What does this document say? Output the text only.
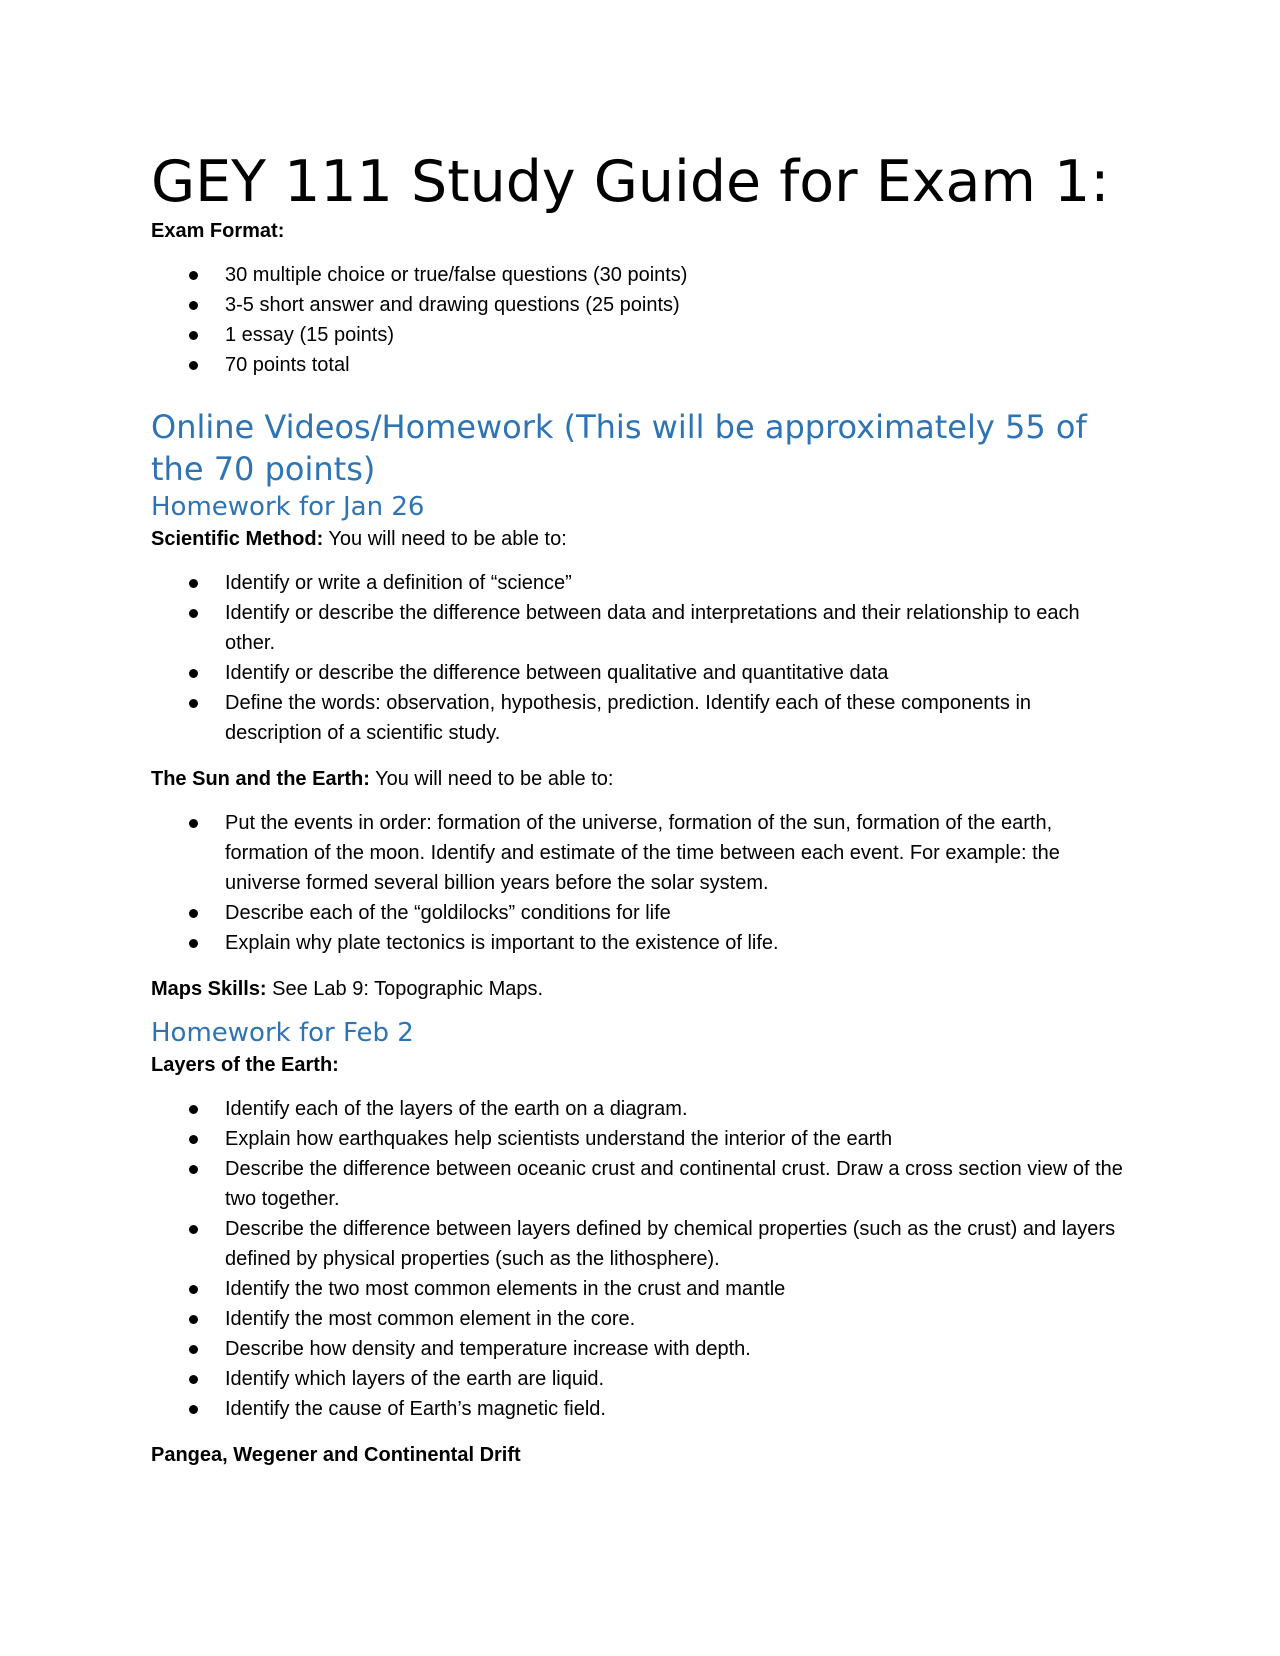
GEY 111 Study Guide for Exam 1:

Exam Format:

30 multiple choice or true/false questions (30 points)
3-5 short answer and drawing questions (25 points)
1 essay (15 points)
70 points total
Online Videos/Homework (This will be approximately 55 of the 70 points)
Homework for Jan 26

Scientific Method: You will need to be able to:

Identify or write a definition of “science”
Identify or describe the difference between data and interpretations and their relationship to each other.
Identify or describe the difference between qualitative and quantitative data
Define the words: observation, hypothesis, prediction. Identify each of these components in description of a scientific study.

The Sun and the Earth: You will need to be able to:

Put the events in order: formation of the universe, formation of the sun, formation of the earth, formation of the moon. Identify and estimate of the time between each event. For example: the universe formed several billion years before the solar system.
Describe each of the “goldilocks” conditions for life
Explain why plate tectonics is important to the existence of life.

Maps Skills: See Lab 9: Topographic Maps.

Homework for Feb 2

Layers of the Earth:

Identify each of the layers of the earth on a diagram.
Explain how earthquakes help scientists understand the interior of the earth
Describe the difference between oceanic crust and continental crust. Draw a cross section view of the two together.
Describe the difference between layers defined by chemical properties (such as the crust) and layers defined by physical properties (such as the lithosphere).
Identify the two most common elements in the crust and mantle
Identify the most common element in the core.
Describe how density and temperature increase with depth.
Identify which layers of the earth are liquid.
Identify the cause of Earth’s magnetic field.

Pangea, Wegener and Continental Drift
